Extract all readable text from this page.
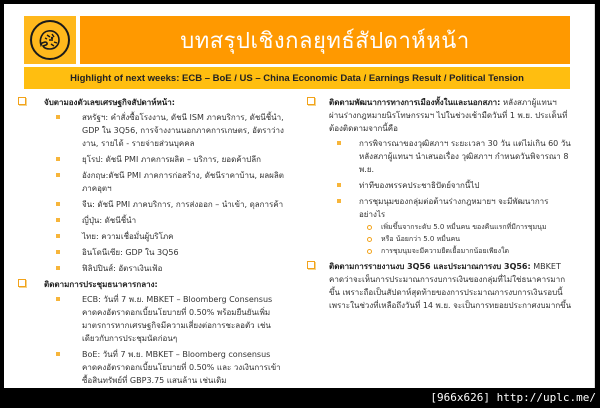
บทสรุปเชิงกลยุทธ์สัปดาห์หน้า
Highlight of next weeks: ECB – BoE / US – China Economic Data / Earnings Result / Political Tension
จับตามองตัวเลขเศรษฐกิจสัปดาห์หน้า:
สหรัฐฯ: คำสั่งซื้อโรงงาน, ดัชนี ISM ภาคบริการ, ดัชนีชี้นำ, GDP ใน 3Q56, การจ้างงานนอกภาคการเกษตร, อัตราว่างงาน, รายได้ - รายจ่ายส่วนบุคคล
ยุโรป: ดัชนี PMI ภาคการผลิต – บริการ, ยอดค้าปลีก
อังกฤษ:ดัชนี PMI ภาคการก่อสร้าง, ดัชนีราคาบ้าน, ผลผลิตภาคอุตฯ
จีน: ดัชนี PMI ภาคบริการ, การส่งออก – นำเข้า, ดุลการค้า
ญี่ปุ่น: ดัชนีชี้นำ
ไทย: ความเชื่อมั่นผู้บริโภค
อินโดนีเซีย: GDP ใน 3Q56
ฟิลิปปินส์: อัตราเงินเฟ้อ
ติดตามการประชุมธนาคารกลาง:
ECB: วันที่ 7 พ.ย. MBKET – Bloomberg Consensus คาดคงอัตราดอกเบี้ยนโยบายที่ 0.50% พร้อมยืนยันเพิ่มมาตรการหากเศรษฐกิจมีความเสี่ยงต่อการชะลอตัว เช่นเดียวกับการประชุมนัดก่อนๆ
BoE: วันที่ 7 พ.ย. MBKET – Bloomberg consensus คาดคงอัตราดอกเบี้ยนโยบายที่ 0.50% และ วงเงินการเข้าซื้อสินทรัพย์ที่ GBP3.75 แสนล้าน เช่นเดิม
ติดตามพัฒนาการทางการเมืองทั้งในและนอกสภา: หลังสภาผู้แทนฯ ผ่านร่างกฎหมายนิรโทษกรรมฯ ไปในช่วงเช้ามืดวันที่ 1 พ.ย. ประเด็นที่ต้องติดตามจากนี้คือ
การพิจารณาของวุฒิสภาฯ ระยะเวลา 30 วัน แต่ไม่เกิน 60 วัน หลังสภาผู้แทนฯ นำเสนอเรื่อง วุฒิสภาฯ กำหนดวันพิจารณา 8 พ.ย.
ท่าทีของพรรคประชาธิปัตย์จากนี้ไป
การชุมนุมของกลุ่มต่อต้านร่างกฎหมายฯ จะมีพัฒนาการอย่างไร
เพิ่มขึ้นจากระดับ 5.0 หมื่นคน ของคืนแรกที่มีการชุมนุม
หรือ น้อยกว่า 5.0 หมื่นคน
การชุมนุมจะมีความยืดเยื้อมากน้อยเพียงใด
ติดตามการรายงานงบ 3Q56 และประมาณการงบ 3Q56: MBKET คาดว่าจะเห็นการประมาณการงบการเงินของกลุ่มที่ไม่ใช่ธนาคารมากขึ้น เพราะถือเป็นสัปดาห์สุดท้ายของการประมาณการงบการเงินรอบนี้ เพราะในช่วงที่เหลือถึงวันที่ 14 พ.ย. จะเป็นการทยอยประกาศงบมากขึ้น
[966x626] http://uplc.me/
